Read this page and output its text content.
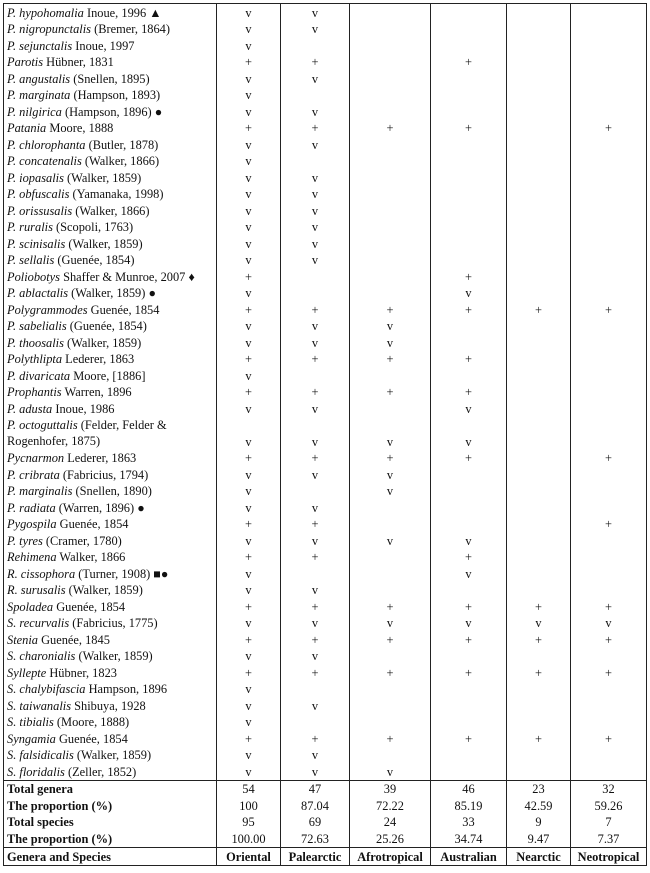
P. hypohomalia Inoue, 1996 ▲	v	v				
P. nigropunctalis (Bremer, 1864)	v	v				
P. sejunctalis Inoue, 1997	v					
Parotis Hübner, 1831	+	+		+		
P. angustalis (Snellen, 1895)	v	v				
P. marginata (Hampson, 1893)	v					
P. nilgirica (Hampson, 1896) ●	v	v				
Patania Moore, 1888	+	+	+	+		+
P. chlorophanta (Butler, 1878)	v	v				
P. concatenalis (Walker, 1866)	v					
P. iopasalis (Walker, 1859)	v	v				
P. obfuscalis (Yamanaka, 1998)	v	v				
P. orissusalis (Walker, 1866)	v	v				
P. ruralis (Scopoli, 1763)	v	v				
P. scinisalis (Walker, 1859)	v	v				
P. sellalis (Guenée, 1854)	v	v				
Poliobotys Shaffer & Munroe, 2007 ♦	+			+		
P. ablactalis (Walker, 1859) ●	v			v		
Polygrammodes Guenée, 1854	+	+	+	+	+	+
P. sabelialis (Guenée, 1854)	v	v	v			
P. thoosalis (Walker, 1859)	v	v	v			
Polythlipta Lederer, 1863	+	+	+	+		
P. divaricata Moore, [1886]	v					
Prophantis Warren, 1896	+	+	+	+		
P. adusta Inoue, 1986	v	v		v		
P. octoguttalis (Felder, Felder & Rogenhofer, 1875)	v	v	v	v		
Pycnarmon Lederer, 1863	+	+	+	+		+
P. cribrata (Fabricius, 1794)	v	v	v			
P. marginalis (Snellen, 1890)	v		v			
P. radiata (Warren, 1896) ●	v	v				
Pygospila Guenée, 1854	+	+				+
P. tyres (Cramer, 1780)	v	v	v	v		
Rehimena Walker, 1866	+	+		+		
R. cissophora (Turner, 1908) ■●	v			v		
R. surusalis (Walker, 1859)	v	v				
Spoladea Guenée, 1854	+	+	+	+	+	+
S. recurvalis (Fabricius, 1775)	v	v	v	v	v	v
Stenia Guenée, 1845	+	+	+	+	+	+
S. charonialis (Walker, 1859)	v	v				
Syllepte Hübner, 1823	+	+	+	+	+	+
S. chalybifascia Hampson, 1896	v					
S. taiwanalis Shibuya, 1928	v	v				
S. tibialis (Moore, 1888)	v					
Syngamia Guenée, 1854	+	+	+	+	+	+
S. falsidicalis (Walker, 1859)	v	v				
S. floridalis (Zeller, 1852)	v	v	v			
Total genera	54	47	39	46	23	32
The proportion (%)	100	87.04	72.22	85.19	42.59	59.26
Total species	95	69	24	33	9	7
The proportion (%)	100.00	72.63	25.26	34.74	9.47	7.37
Genera and Species	Oriental	Palearctic	Afrotropical	Australian	Nearctic	Neotropical
